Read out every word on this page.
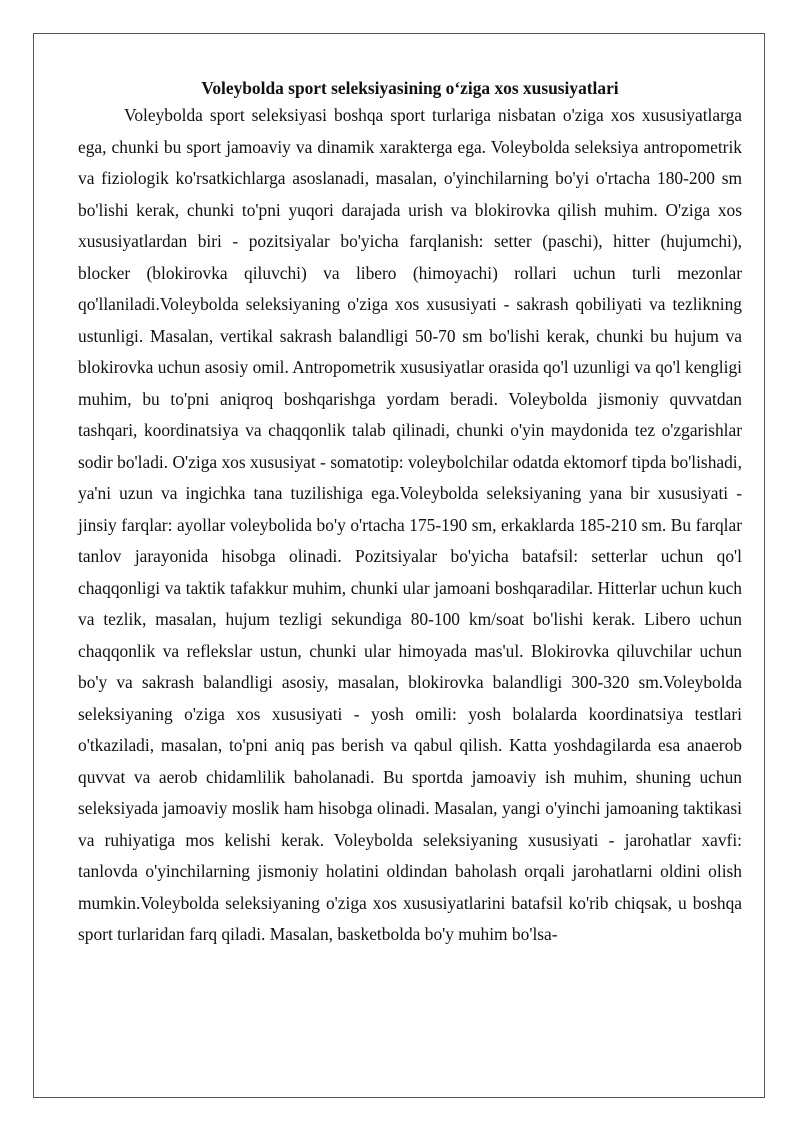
Voleybolda sport seleksiyasining o‘ziga xos xususiyatlari

Voleybolda sport seleksiyasi boshqa sport turlariga nisbatan o'ziga xos xususiyatlarga ega, chunki bu sport jamoaviy va dinamik xarakterga ega. Voleybolda seleksiya antropometrik va fiziologik ko'rsatkichlarga asoslanadi, masalan, o'yinchilarning bo'yi o'rtacha 180-200 sm bo'lishi kerak, chunki to'pni yuqori darajada urish va blokirovka qilish muhim. O'ziga xos xususiyatlardan biri - pozitsiyalar bo'yicha farqlanish: setter (paschi), hitter (hujumchi), blocker (blokirovka qiluvchi) va libero (himoyachi) rollari uchun turli mezonlar qo'llaniladi.Voleybolda seleksiyaning o'ziga xos xususiyati - sakrash qobiliyati va tezlikning ustunligi. Masalan, vertikal sakrash balandligi 50-70 sm bo'lishi kerak, chunki bu hujum va blokirovka uchun asosiy omil. Antropometrik xususiyatlar orasida qo'l uzunligi va qo'l kengligi muhim, bu to'pni aniqroq boshqarishga yordam beradi. Voleybolda jismoniy quvvatdan tashqari, koordinatsiya va chaqqonlik talab qilinadi, chunki o'yin maydonida tez o'zgarishlar sodir bo'ladi. O'ziga xos xususiyat - somatotip: voleybolchilar odatda ektomorf tipda bo'lishadi, ya'ni uzun va ingichka tana tuzilishiga ega.Voleybolda seleksiyaning yana bir xususiyati - jinsiy farqlar: ayollar voleybolida bo'y o'rtacha 175-190 sm, erkaklarda 185-210 sm. Bu farqlar tanlov jarayonida hisobga olinadi. Pozitsiyalar bo'yicha batafsil: setterlar uchun qo'l chaqqonligi va taktik tafakkur muhim, chunki ular jamoani boshqaradilar. Hitterlar uchun kuch va tezlik, masalan, hujum tezligi sekundiga 80-100 km/soat bo'lishi kerak. Libero uchun chaqqonlik va reflekslar ustun, chunki ular himoyada mas'ul. Blokirovka qiluvchilar uchun bo'y va sakrash balandligi asosiy, masalan, blokirovka balandligi 300-320 sm.Voleybolda seleksiyaning o'ziga xos xususiyati - yosh omili: yosh bolalarda koordinatsiya testlari o'tkaziladi, masalan, to'pni aniq pas berish va qabul qilish. Katta yoshdagilarda esa anaerob quvvat va aerob chidamlilik baholanadi. Bu sportda jamoaviy ish muhim, shuning uchun seleksiyada jamoaviy moslik ham hisobga olinadi. Masalan, yangi o'yinchi jamoaning taktikasi va ruhiyatiga mos kelishi kerak. Voleybolda seleksiyaning xususiyati - jarohatlar xavfi: tanlovda o'yinchilarning jismoniy holatini oldindan baholash orqali jarohatlarni oldini olish mumkin.Voleybolda seleksiyaning o'ziga xos xususiyatlarini batafsil ko'rib chiqsak, u boshqa sport turlaridan farq qiladi. Masalan, basketbolda bo'y muhim bo'lsa-
